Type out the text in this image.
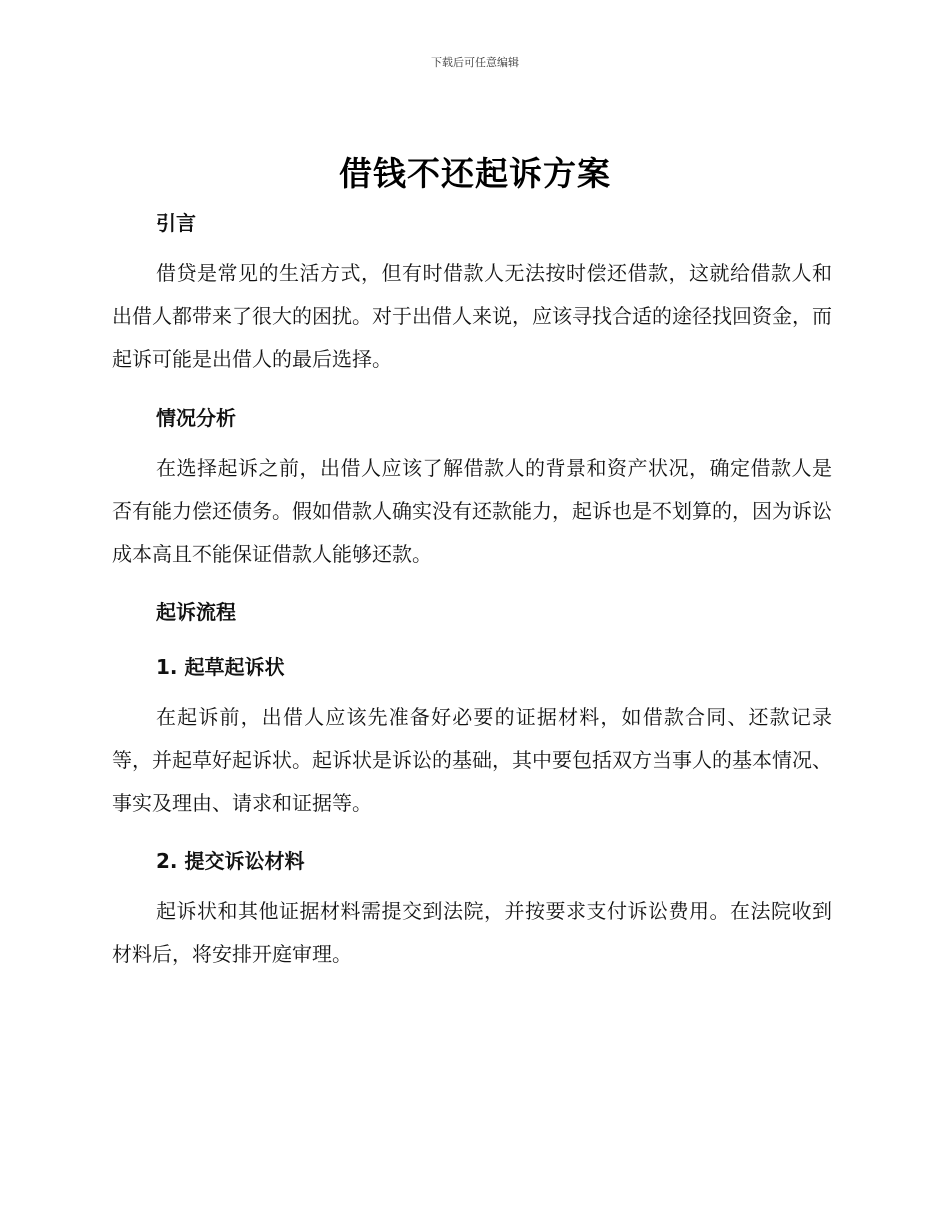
下载后可任意编辑
借钱不还起诉方案
引言
借贷是常见的生活方式，但有时借款人无法按时偿还借款，这就给借款人和出借人都带来了很大的困扰。对于出借人来说，应该寻找合适的途径找回资金，而起诉可能是出借人的最后选择。
情况分析
在选择起诉之前，出借人应该了解借款人的背景和资产状况，确定借款人是否有能力偿还债务。假如借款人确实没有还款能力，起诉也是不划算的，因为诉讼成本高且不能保证借款人能够还款。
起诉流程
1. 起草起诉状
在起诉前，出借人应该先准备好必要的证据材料，如借款合同、还款记录等，并起草好起诉状。起诉状是诉讼的基础，其中要包括双方当事人的基本情况、事实及理由、请求和证据等。
2. 提交诉讼材料
起诉状和其他证据材料需提交到法院，并按要求支付诉讼费用。在法院收到材料后，将安排开庭审理。
